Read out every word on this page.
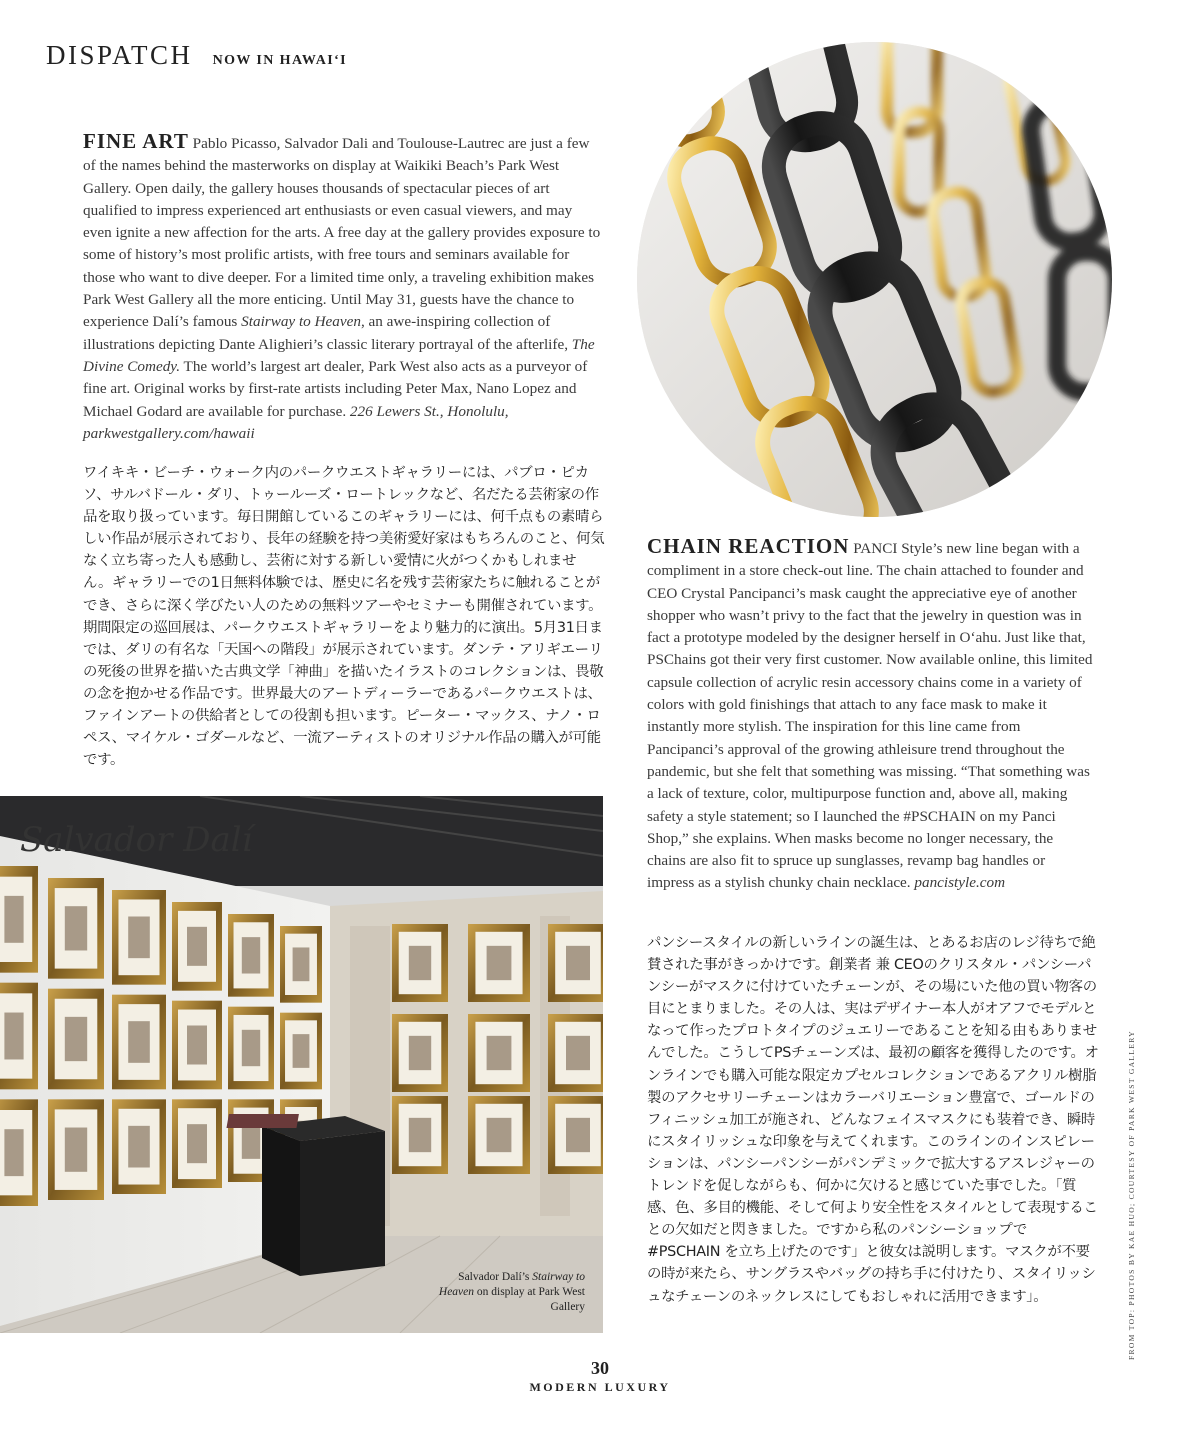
DISPATCH NOW IN HAWAI‘I
FINE ART Pablo Picasso, Salvador Dali and Toulouse-Lautrec are just a few of the names behind the masterworks on display at Waikiki Beach’s Park West Gallery. Open daily, the gallery houses thousands of spectacular pieces of art qualified to impress experienced art enthusiasts or even casual viewers, and may even ignite a new affection for the arts. A free day at the gallery provides exposure to some of history’s most prolific artists, with free tours and seminars available for those who want to dive deeper. For a limited time only, a traveling exhibition makes Park West Gallery all the more enticing. Until May 31, guests have the chance to experience Dalí’s famous Stairway to Heaven, an awe-inspiring collection of illustrations depicting Dante Alighieri’s classic literary portrayal of the afterlife, The Divine Comedy. The world’s largest art dealer, Park West also acts as a purveyor of fine art. Original works by first-rate artists including Peter Max, Nano Lopez and Michael Godard are available for purchase. 226 Lewers St., Honolulu, parkwestgallery.com/hawaii
ワイキキ・ビーチ・ウォーク内のパークウエストギャラリーには、パブロ・ピカソ、サルバドール・ダリ、トゥールーズ・ロートレックなど、名だたる芸術家の作品を取り扱っています。毎日開館しているこのギャラリーには、何千点もの素晴らしい作品が展示されており、長年の経験を持つ美術愛好家はもちろんのこと、何気なく立ち寄った人も感動し、芸術に対する新しい愛情に火がつくかもしれません。ギャラリーでの1日無料体験では、歴史に名を残す芸術家たちに触れることができ、さらに深く学びたい人のための無料ツアーやセミナーも開催されています。期間限定の巡回展は、パークウエストギャラリーをより魅力的に演出。5月31日までは、ダリの有名な「天国への階段」が展示されています。ダンテ・アリギエーリの死後の世界を描いた古典文学「神曲」を描いたイラストのコレクションは、畏敬の念を抱かせる作品です。世界最大のアートディーラーであるパークウエストは、ファインアートの供給者としての役割も担います。ピーター・マックス、ナノ・ロペス、マイケル・ゴダールなど、一流アーティストのオリジナル作品の購入が可能です。
Salvador Dalí
Salvador Dalí’s Stairway to Heaven on display at Park West Gallery
CHAIN REACTION PANCI Style’s new line began with a compliment in a store check-out line. The chain attached to founder and CEO Crystal Pancipanci’s mask caught the appreciative eye of another shopper who wasn’t privy to the fact that the jewelry in question was in fact a prototype modeled by the designer herself in O‘ahu. Just like that, PSChains got their very first customer. Now available online, this limited capsule collection of acrylic resin accessory chains come in a variety of colors with gold finishings that attach to any face mask to make it instantly more stylish. The inspiration for this line came from Pancipanci’s approval of the growing athleisure trend throughout the pandemic, but she felt that something was missing. “That something was a lack of texture, color, multipurpose function and, above all, making safety a style statement; so I launched the #PSCHAIN on my Panci Shop,” she explains. When masks become no longer necessary, the chains are also fit to spruce up sunglasses, revamp bag handles or impress as a stylish chunky chain necklace. pancistyle.com
パンシースタイルの新しいラインの誕生は、とあるお店のレジ待ちで絶賛された事がきっかけです。創業者 兼 CEOのクリスタル・パンシーパンシーがマスクに付けていたチェーンが、その場にいた他の買い物客の目にとまりました。その人は、実はデザイナー本人がオアフでモデルとなって作ったプロトタイプのジュエリーであることを知る由もありませんでした。こうしてPSチェーンズは、最初の顧客を獲得したのです。オンラインでも購入可能な限定カプセルコレクションであるアクリル樹脂製のアクセサリーチェーンはカラーバリエーション豊富で、ゴールドのフィニッシュ加工が施され、どんなフェイスマスクにも装着でき、瞬時にスタイリッシュな印象を与えてくれます。このラインのインスピレーションは、パンシーパンシーがパンデミックで拡大するアスレジャーのトレンドを促しながらも、何かに欠けると感じていた事でした。「質感、色、多目的機能、そして何より安全性をスタイルとして表現することの欠如だと閃きました。ですから私のパンシーショップで #PSCHAIN を立ち上げたのです」と彼女は説明します。マスクが不要の時が来たら、サングラスやバッグの持ち手に付けたり、スタイリッシュなチェーンのネックレスにしてもおしゃれに活用できます」。	FROM TOP: PHOTOS BY KAE HUO; COURTESY OF PARK WEST GALLERY
30
MODERN LUXURY
